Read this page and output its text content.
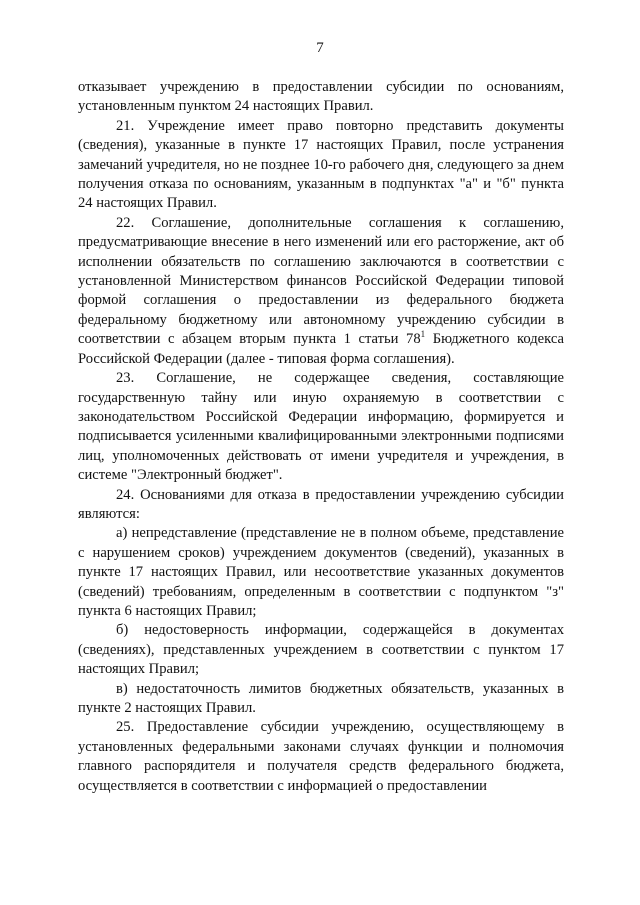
7

отказывает учреждению в предоставлении субсидии по основаниям, установленным пунктом 24 настоящих Правил.

21. Учреждение имеет право повторно представить документы (сведения), указанные в пункте 17 настоящих Правил, после устранения замечаний учредителя, но не позднее 10-го рабочего дня, следующего за днем получения отказа по основаниям, указанным в подпунктах "а" и "б" пункта 24 настоящих Правил.

22. Соглашение, дополнительные соглашения к соглашению, предусматривающие внесение в него изменений или его расторжение, акт об исполнении обязательств по соглашению заключаются в соответствии с установленной Министерством финансов Российской Федерации типовой формой соглашения о предоставлении из федерального бюджета федеральному бюджетному или автономному учреждению субсидии в соответствии с абзацем вторым пункта 1 статьи $78^1$ Бюджетного кодекса Российской Федерации (далее - типовая форма соглашения).

23. Соглашение, не содержащее сведения, составляющие государственную тайну или иную охраняемую в соответствии с законодательством Российской Федерации информацию, формируется и подписывается усиленными квалифицированными электронными подписями лиц, уполномоченных действовать от имени учредителя и учреждения, в системе "Электронный бюджет".

24. Основаниями для отказа в предоставлении учреждению субсидии являются:

а) непредставление (представление не в полном объеме, представление с нарушением сроков) учреждением документов (сведений), указанных в пункте 17 настоящих Правил, или несоответствие указанных документов (сведений) требованиям, определенным в соответствии с подпунктом "з" пункта 6 настоящих Правил;

б) недостоверность информации, содержащейся в документах (сведениях), представленных учреждением в соответствии с пунктом 17 настоящих Правил;

в) недостаточность лимитов бюджетных обязательств, указанных в пункте 2 настоящих Правил.

25. Предоставление субсидии учреждению, осуществляющему в установленных федеральными законами случаях функции и полномочия главного распорядителя и получателя средств федерального бюджета, осуществляется в соответствии с информацией о предоставлении
